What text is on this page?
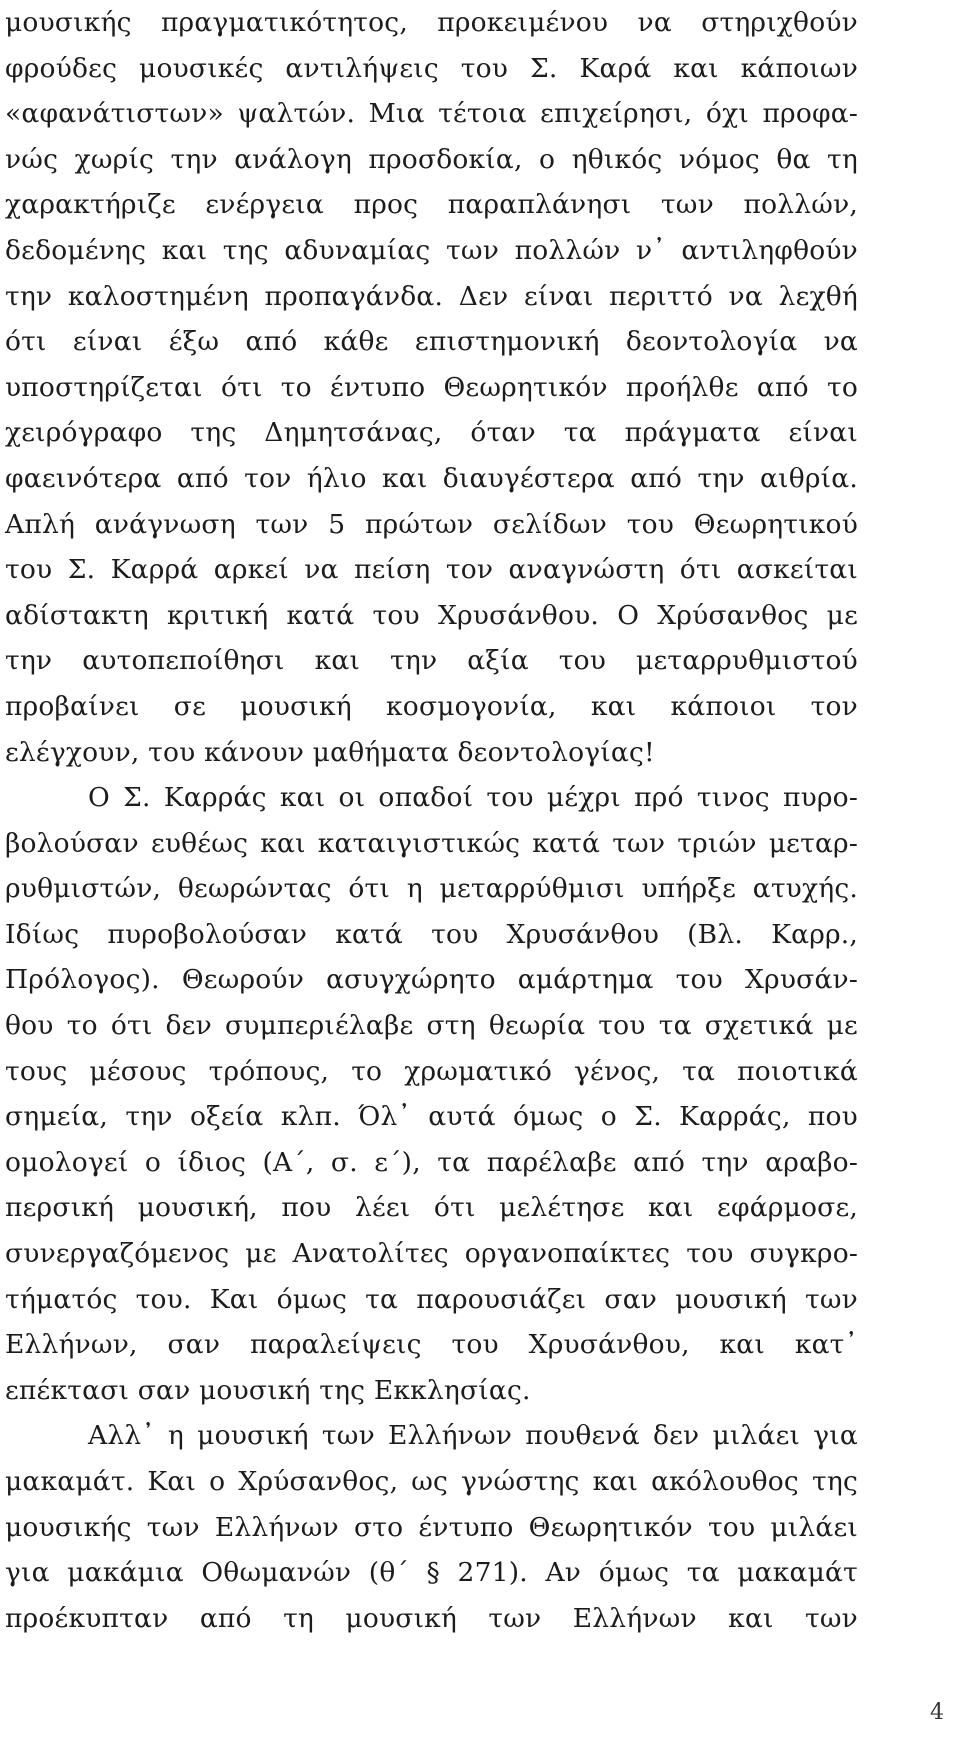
μουσικής πραγματικότητος, προκειμένου να στηριχθούν
φρούδες μουσικές αντιλήψεις του Σ. Καρά και κάποιων
«αφανάτιστων» ψαλτών. Μια τέτοια επιχείρησι, όχι προφα-
νώς χωρίς την ανάλογη προσδοκία, ο ηθικός νόμος θα τη
χαρακτήριζε ενέργεια προς παραπλάνησι των πολλών,
δεδομένης και της αδυναμίας των πολλών ν᾽ αντιληφθούν
την καλοστημένη προπαγάνδα. Δεν είναι περιττό να λεχθή
ότι είναι έξω από κάθε επιστημονική δεοντολογία να
υποστηρίζεται ότι το έντυπο Θεωρητικόν προήλθε από το
χειρόγραφο της Δημητσάνας, όταν τα πράγματα είναι
φαεινότερα από τον ήλιο και διαυγέστερα από την αιθρία.
Απλή ανάγνωση των 5 πρώτων σελίδων του Θεωρητικού
του Σ. Καρρά αρκεί να πείση τον αναγνώστη ότι ασκείται
αδίστακτη κριτική κατά του Χρυσάνθου. Ο Χρύσανθος με
την αυτοπεποίθησι και την αξία του μεταρρυθμιστού
προβαίνει σε μουσική κοσμογονία, και κάποιοι τον
ελέγχουν, του κάνουν μαθήματα δεοντολογίας!
Ο Σ. Καρράς και οι οπαδοί του μέχρι πρό τινος πυρο-
βολούσαν ευθέως και καταιγιστικώς κατά των τριών μεταρ-
ρυθμιστών, θεωρώντας ότι η μεταρρύθμισι υπήρξε ατυχής.
Ιδίως πυροβολούσαν κατά του Χρυσάνθου (Βλ. Καρρ.,
Πρόλογος). Θεωρούν ασυγχώρητο αμάρτημα του Χρυσάν-
θου το ότι δεν συμπεριέλαβε στη θεωρία του τα σχετικά με
τους μέσους τρόπους, το χρωματικό γένος, τα ποιοτικά
σημεία, την οξεία κλπ. Όλ᾽ αυτά όμως ο Σ. Καρράς, που
ομολογεί ο ίδιος (Α΄, σ. ε΄), τα παρέλαβε από την αραβο-
περσική μουσική, που λέει ότι μελέτησε και εφάρμοσε,
συνεργαζόμενος με Ανατολίτες οργανοπαίκτες του συγκρο-
τήματός του. Και όμως τα παρουσιάζει σαν μουσική των
Ελλήνων, σαν παραλείψεις του Χρυσάνθου, και κατ᾽
επέκτασι σαν μουσική της Εκκλησίας.
Αλλ᾽ η μουσική των Ελλήνων πουθενά δεν μιλάει για
μακαμάτ. Και ο Χρύσανθος, ως γνώστης και ακόλουθος της
μουσικής των Ελλήνων στο έντυπο Θεωρητικόν του μιλάει
για μακάμια Οθωμανών (θ΄ § 271). Αν όμως τα μακαμάτ
προέκυπταν από τη μουσική των Ελλήνων και των
4
